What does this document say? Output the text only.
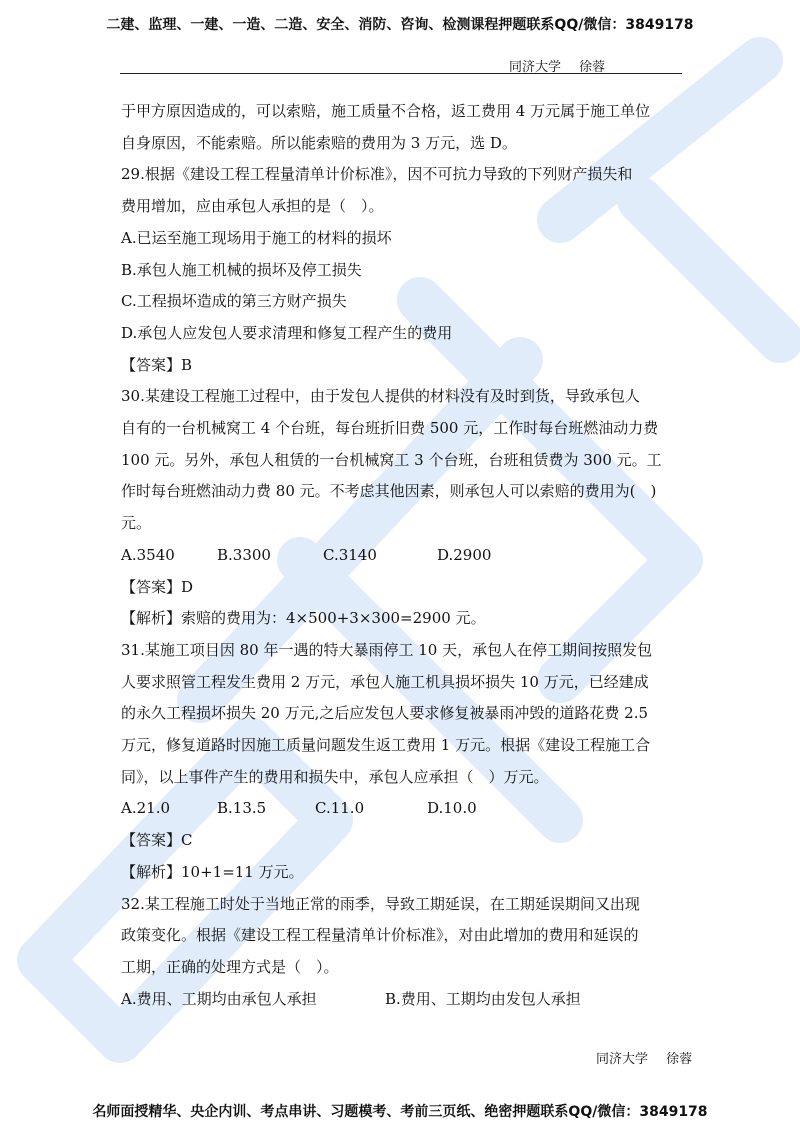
二建、监理、一建、一造、二造、安全、消防、咨询、检测课程押题联系QQ/微信：3849178
同济大学 徐蓉
于甲方原因造成的，可以索赔，施工质量不合格，返工费用 4 万元属于施工单位
自身原因，不能索赔。所以能索赔的费用为 3 万元，选 D。
29.根据《建设工程工程量清单计价标准》，因不可抗力导致的下列财产损失和
费用增加，应由承包人承担的是（　）。
A.已运至施工现场用于施工的材料的损坏
B.承包人施工机械的损坏及停工损失
C.工程损坏造成的第三方财产损失
D.承包人应发包人要求清理和修复工程产生的费用
【答案】B
30.某建设工程施工过程中，由于发包人提供的材料没有及时到货，导致承包人
自有的一台机械窝工 4 个台班，每台班折旧费 500 元，工作时每台班燃油动力费
100 元。另外，承包人租赁的一台机械窝工 3 个台班，台班租赁费为 300 元。工
作时每台班燃油动力费 80 元。不考虑其他因素，则承包人可以索赔的费用为(　)
元。
A.3540	B.3300	C.3140	D.2900
【答案】D
【解析】索赔的费用为：4×500+3×300=2900 元。
31.某施工项目因 80 年一遇的特大暴雨停工 10 天，承包人在停工期间按照发包
人要求照管工程发生费用 2 万元，承包人施工机具损坏损失 10 万元，已经建成
的永久工程损坏损失 20 万元,之后应发包人要求修复被暴雨冲毁的道路花费 2.5
万元，修复道路时因施工质量问题发生返工费用 1 万元。根据《建设工程施工合
同》，以上事件产生的费用和损失中，承包人应承担（　）万元。
A.21.0	B.13.5	C.11.0	D.10.0
【答案】C
【解析】10+1=11 万元。
32.某工程施工时处于当地正常的雨季，导致工期延误，在工期延误期间又出现
政策变化。根据《建设工程工程量清单计价标准》，对由此增加的费用和延误的
工期，正确的处理方式是（　）。
A.费用、工期均由承包人承担	B.费用、工期均由发包人承担
同济大学 徐蓉
名师面授精华、央企内训、考点串讲、习题模考、考前三页纸、绝密押题联系QQ/微信：3849178
